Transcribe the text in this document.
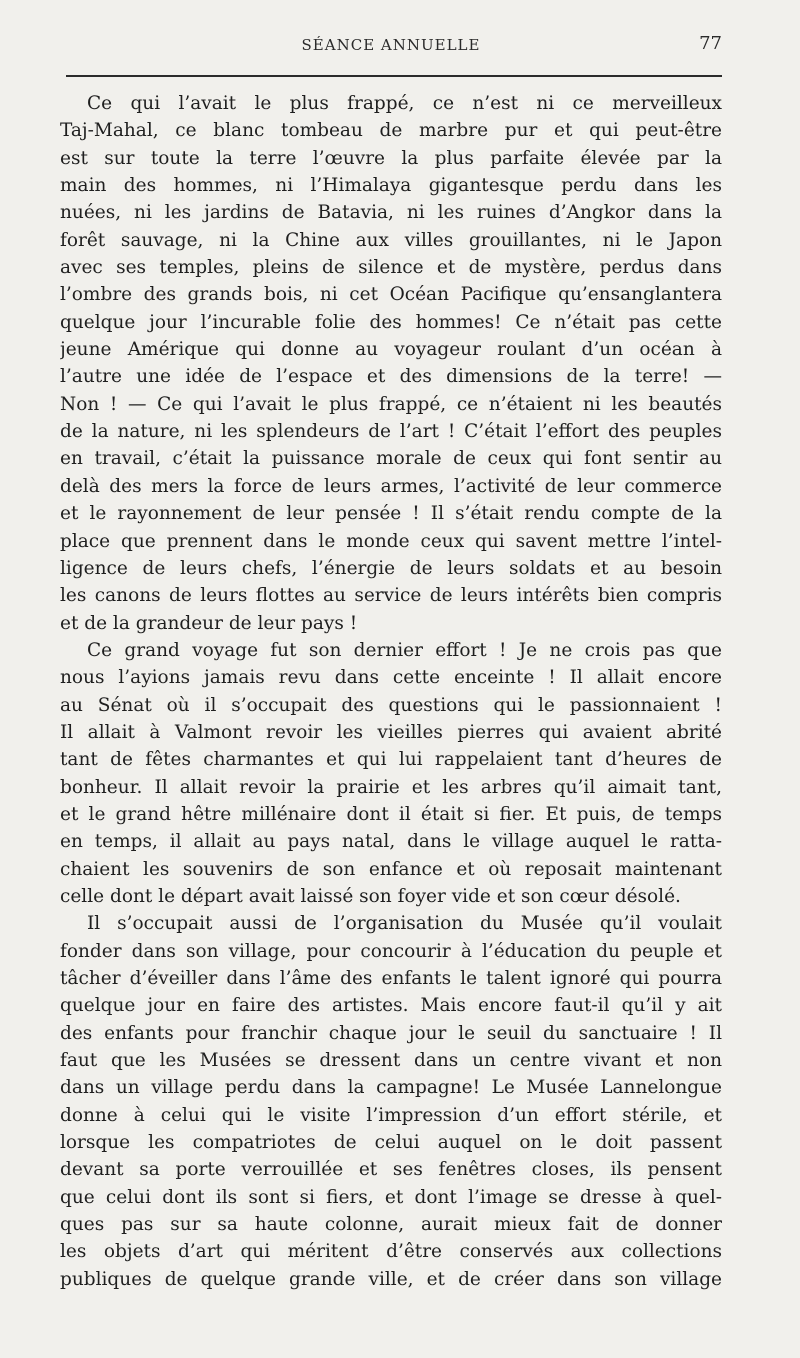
SÉANCE ANNUELLE	77
Ce qui l’avait le plus frappé, ce n’est ni ce merveilleux
Taj-Mahal, ce blanc tombeau de marbre pur et qui peut-être
est sur toute la terre l’œuvre la plus parfaite élevée par la
main des hommes, ni l’Himalaya gigantesque perdu dans les
nuées, ni les jardins de Batavia, ni les ruines d’Angkor dans la
forêt sauvage, ni la Chine aux villes grouillantes, ni le Japon
avec ses temples, pleins de silence et de mystère, perdus dans
l’ombre des grands bois, ni cet Océan Pacifique qu’ensanglantera
quelque jour l’incurable folie des hommes! Ce n’était pas cette
jeune Amérique qui donne au voyageur roulant d’un océan à
l’autre une idée de l’espace et des dimensions de la terre! —
Non ! — Ce qui l’avait le plus frappé, ce n’étaient ni les beautés
de la nature, ni les splendeurs de l’art ! C’était l’effort des peuples
en travail, c’était la puissance morale de ceux qui font sentir au
delà des mers la force de leurs armes, l’activité de leur commerce
et le rayonnement de leur pensée ! Il s’était rendu compte de la
place que prennent dans le monde ceux qui savent mettre l’intel-
ligence de leurs chefs, l’énergie de leurs soldats et au besoin
les canons de leurs flottes au service de leurs intérêts bien compris
et de la grandeur de leur pays !
Ce grand voyage fut son dernier effort ! Je ne crois pas que
nous l’ayions jamais revu dans cette enceinte ! Il allait encore
au Sénat où il s’occupait des questions qui le passionnaient !
Il allait à Valmont revoir les vieilles pierres qui avaient abrité
tant de fêtes charmantes et qui lui rappelaient tant d’heures de
bonheur. Il allait revoir la prairie et les arbres qu’il aimait tant,
et le grand hêtre millénaire dont il était si fier. Et puis, de temps
en temps, il allait au pays natal, dans le village auquel le ratta-
chaient les souvenirs de son enfance et où reposait maintenant
celle dont le départ avait laissé son foyer vide et son cœur désolé.
Il s’occupait aussi de l’organisation du Musée qu’il voulait
fonder dans son village, pour concourir à l’éducation du peuple et
tâcher d’éveiller dans l’âme des enfants le talent ignoré qui pourra
quelque jour en faire des artistes. Mais encore faut-il qu’il y ait
des enfants pour franchir chaque jour le seuil du sanctuaire ! Il
faut que les Musées se dressent dans un centre vivant et non
dans un village perdu dans la campagne! Le Musée Lannelongue
donne à celui qui le visite l’impression d’un effort stérile, et
lorsque les compatriotes de celui auquel on le doit passent
devant sa porte verrouillée et ses fenêtres closes, ils pensent
que celui dont ils sont si fiers, et dont l’image se dresse à quel-
ques pas sur sa haute colonne, aurait mieux fait de donner
les objets d’art qui méritent d’être conservés aux collections
publiques de quelque grande ville, et de créer dans son village
